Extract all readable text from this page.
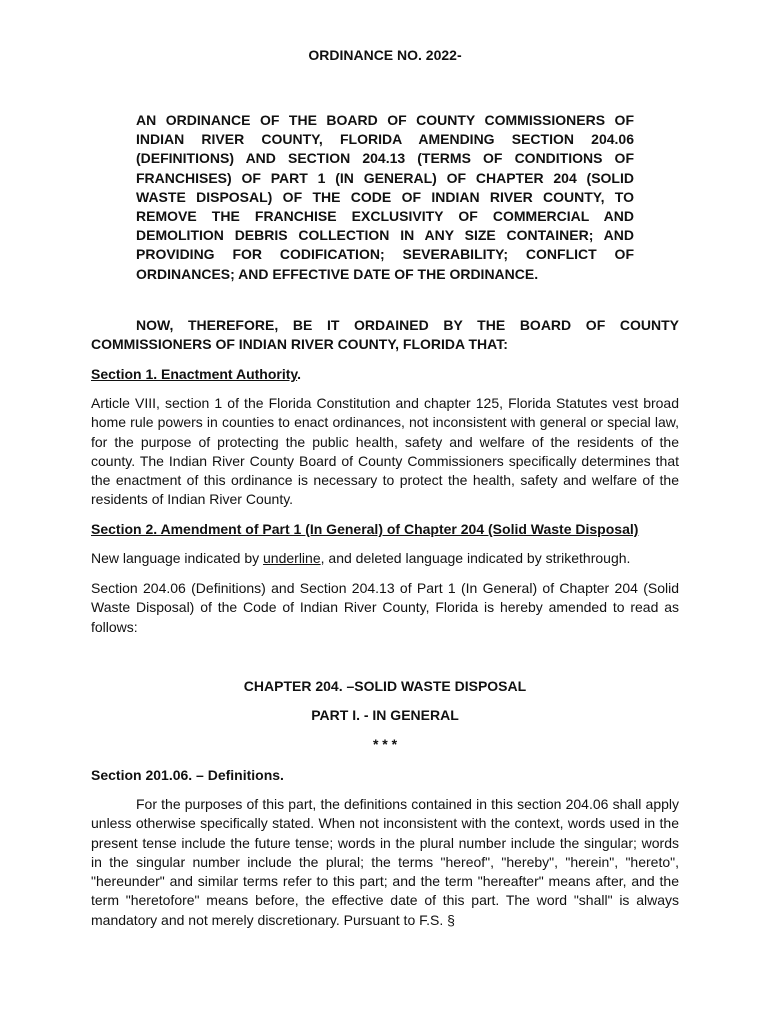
ORDINANCE NO. 2022-
AN ORDINANCE OF THE BOARD OF COUNTY COMMISSIONERS OF INDIAN RIVER COUNTY, FLORIDA AMENDING SECTION 204.06 (DEFINITIONS) AND SECTION 204.13 (TERMS OF CONDITIONS OF FRANCHISES) OF PART 1 (IN GENERAL) OF CHAPTER 204 (SOLID WASTE DISPOSAL) OF THE CODE OF INDIAN RIVER COUNTY, TO REMOVE THE FRANCHISE EXCLUSIVITY OF COMMERCIAL AND DEMOLITION DEBRIS COLLECTION IN ANY SIZE CONTAINER; AND PROVIDING FOR CODIFICATION; SEVERABILITY; CONFLICT OF ORDINANCES; AND EFFECTIVE DATE OF THE ORDINANCE.
NOW, THEREFORE, BE IT ORDAINED BY THE BOARD OF COUNTY COMMISSIONERS OF INDIAN RIVER COUNTY, FLORIDA THAT:
Section 1. Enactment Authority.
Article VIII, section 1 of the Florida Constitution and chapter 125, Florida Statutes vest broad home rule powers in counties to enact ordinances, not inconsistent with general or special law, for the purpose of protecting the public health, safety and welfare of the residents of the county. The Indian River County Board of County Commissioners specifically determines that the enactment of this ordinance is necessary to protect the health, safety and welfare of the residents of Indian River County.
Section 2. Amendment of Part 1 (In General) of Chapter 204 (Solid Waste Disposal)
New language indicated by underline, and deleted language indicated by strikethrough.
Section 204.06 (Definitions) and Section 204.13 of Part 1 (In General) of Chapter 204 (Solid Waste Disposal) of the Code of Indian River County, Florida is hereby amended to read as follows:
CHAPTER 204. –SOLID WASTE DISPOSAL
PART I. - IN GENERAL
* * *
Section 201.06. – Definitions.
For the purposes of this part, the definitions contained in this section 204.06 shall apply unless otherwise specifically stated. When not inconsistent with the context, words used in the present tense include the future tense; words in the plural number include the singular; words in the singular number include the plural; the terms "hereof", "hereby", "herein", "hereto", "hereunder" and similar terms refer to this part; and the term "hereafter" means after, and the term "heretofore" means before, the effective date of this part. The word "shall" is always mandatory and not merely discretionary. Pursuant to F.S. §
